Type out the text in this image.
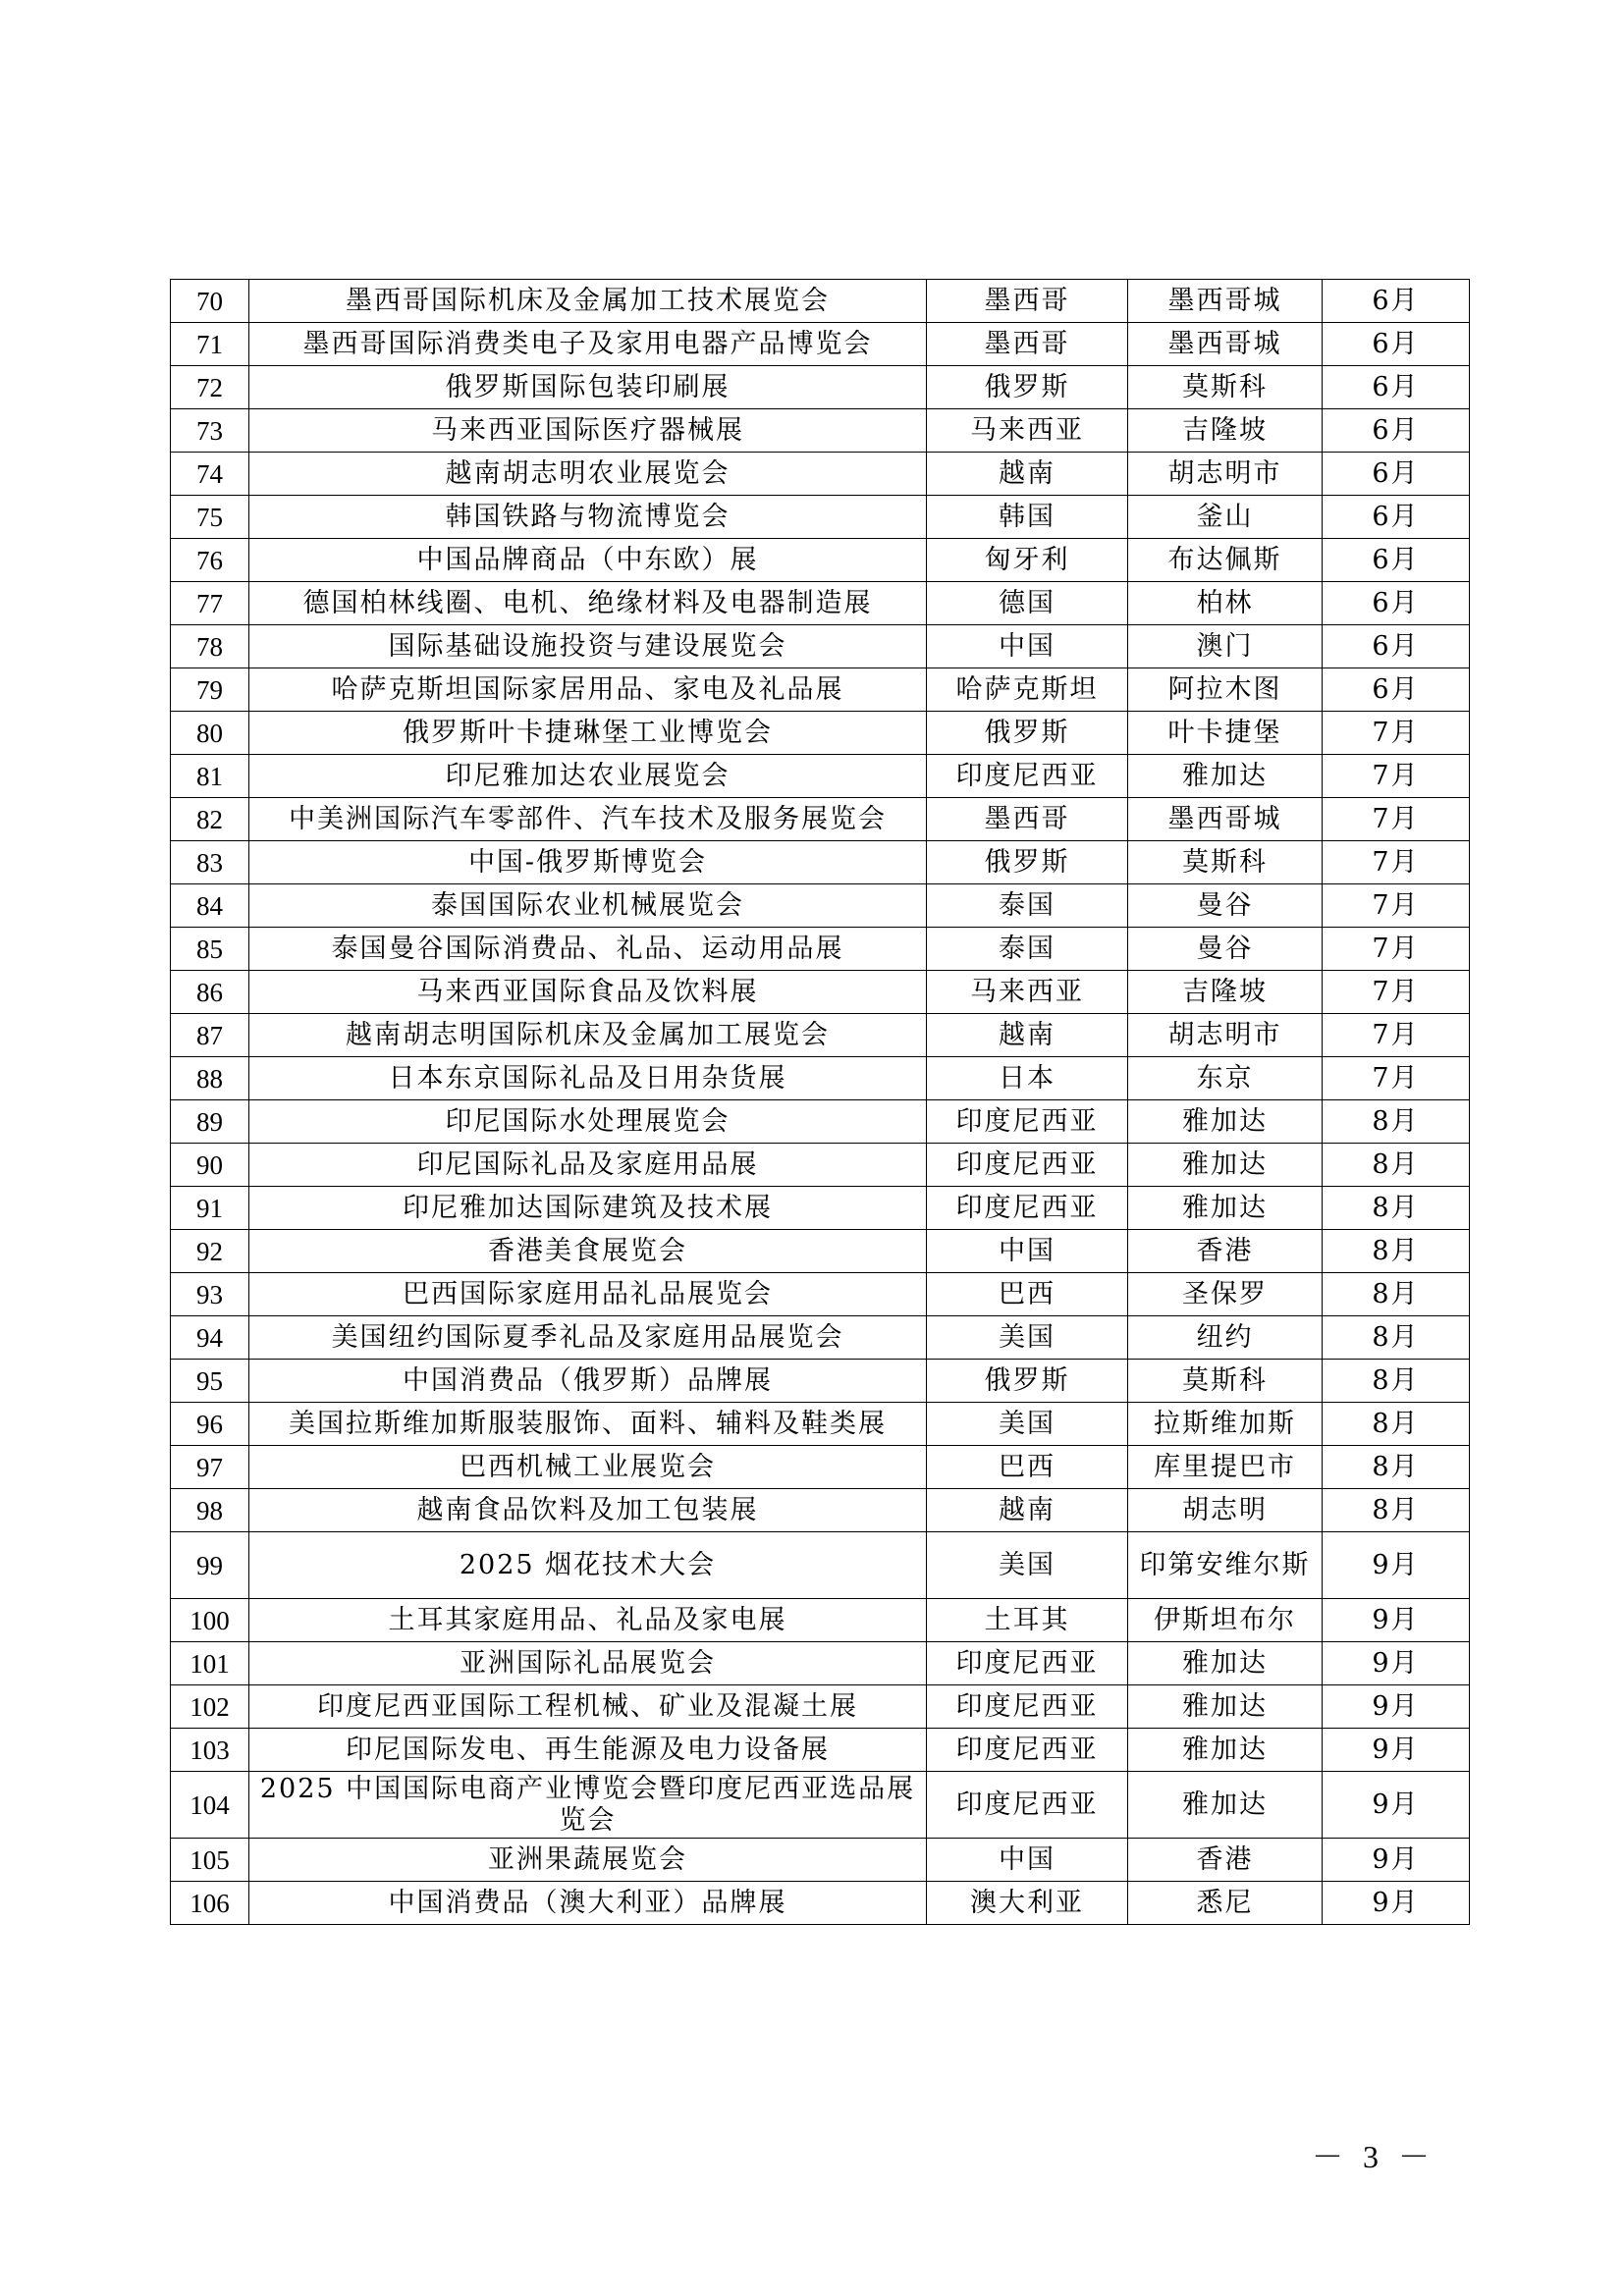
70	墨西哥国际机床及金属加工技术展览会	墨西哥	墨西哥城	6月
71	墨西哥国际消费类电子及家用电器产品博览会	墨西哥	墨西哥城	6月
72	俄罗斯国际包装印刷展	俄罗斯	莫斯科	6月
73	马来西亚国际医疗器械展	马来西亚	吉隆坡	6月
74	越南胡志明农业展览会	越南	胡志明市	6月
75	韩国铁路与物流博览会	韩国	釜山	6月
76	中国品牌商品（中东欧）展	匈牙利	布达佩斯	6月
77	德国柏林线圈、电机、绝缘材料及电器制造展	德国	柏林	6月
78	国际基础设施投资与建设展览会	中国	澳门	6月
79	哈萨克斯坦国际家居用品、家电及礼品展	哈萨克斯坦	阿拉木图	6月
80	俄罗斯叶卡捷琳堡工业博览会	俄罗斯	叶卡捷堡	7月
81	印尼雅加达农业展览会	印度尼西亚	雅加达	7月
82	中美洲国际汽车零部件、汽车技术及服务展览会	墨西哥	墨西哥城	7月
83	中国-俄罗斯博览会	俄罗斯	莫斯科	7月
84	泰国国际农业机械展览会	泰国	曼谷	7月
85	泰国曼谷国际消费品、礼品、运动用品展	泰国	曼谷	7月
86	马来西亚国际食品及饮料展	马来西亚	吉隆坡	7月
87	越南胡志明国际机床及金属加工展览会	越南	胡志明市	7月
88	日本东京国际礼品及日用杂货展	日本	东京	7月
89	印尼国际水处理展览会	印度尼西亚	雅加达	8月
90	印尼国际礼品及家庭用品展	印度尼西亚	雅加达	8月
91	印尼雅加达国际建筑及技术展	印度尼西亚	雅加达	8月
92	香港美食展览会	中国	香港	8月
93	巴西国际家庭用品礼品展览会	巴西	圣保罗	8月
94	美国纽约国际夏季礼品及家庭用品展览会	美国	纽约	8月
95	中国消费品（俄罗斯）品牌展	俄罗斯	莫斯科	8月
96	美国拉斯维加斯服装服饰、面料、辅料及鞋类展	美国	拉斯维加斯	8月
97	巴西机械工业展览会	巴西	库里提巴市	8月
98	越南食品饮料及加工包装展	越南	胡志明	8月
99	2025 烟花技术大会	美国	印第安维尔斯	9月
100	土耳其家庭用品、礼品及家电展	土耳其	伊斯坦布尔	9月
101	亚洲国际礼品展览会	印度尼西亚	雅加达	9月
102	印度尼西亚国际工程机械、矿业及混凝土展	印度尼西亚	雅加达	9月
103	印尼国际发电、再生能源及电力设备展	印度尼西亚	雅加达	9月
104	2025 中国国际电商产业博览会暨印度尼西亚选品展览会	印度尼西亚	雅加达	9月
105	亚洲果蔬展览会	中国	香港	9月
106	中国消费品（澳大利亚）品牌展	澳大利亚	悉尼	9月
－ 3 －
